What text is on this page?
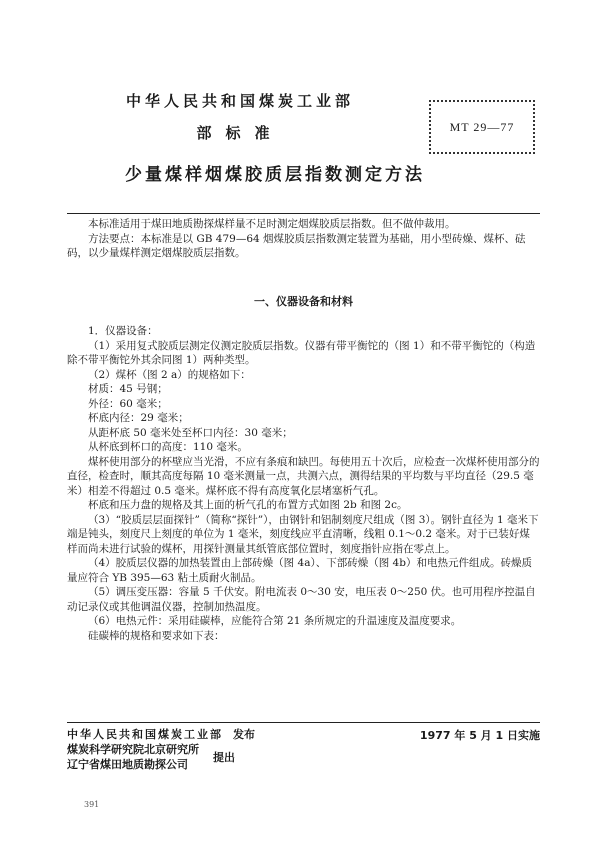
中华人民共和国煤炭工业部
部标准
少量煤样烟煤胶质层指数测定方法
MT 29—77

本标准适用于煤田地质勘探煤样量不足时测定烟煤胶质层指数。但不做仲裁用。

方法要点：本标准是以 GB 479—64 烟煤胶质层指数测定装置为基础，用小型砖燥、煤杯、砝码，以少量煤样测定烟煤胶质层指数。

一、仪器设备和材料

1．仪器设备：

（1）采用复式胶质层测定仪测定胶质层指数。仪器有带平衡铊的（图 1）和不带平衡铊的（构造除不带平衡铊外其余同图 1）两种类型。

（2）煤杯（图 2 a）的规格如下：

材质：45 号钢；

外径：60 毫米；

杯底内径：29 毫米；

从距杯底 50 毫米处至杯口内径：30 毫米；

从杯底到杯口的高度：110 毫米。

煤杯使用部分的杯壁应当光滑，不应有条痕和缺凹。每使用五十次后，应检查一次煤杯使用部分的直径，检查时，顺其高度每隔 10 毫米测量一点，共测六点，测得结果的平均数与平均直径（29.5 毫米）相差不得超过 0.5 毫米。煤杯底不得有高度氧化层堵塞析气孔。

杯底和压力盘的规格及其上面的析气孔的布置方式如图 2b 和图 2c。

（3）“胶质层层面探针”（简称“探针”），由钢针和铝制刻度尺组成（图 3）。钢针直径为 1 毫米下端是钝头，刻度尺上刻度的单位为 1 毫米，刻度线应平直清晰，线粗 0.1～0.2 毫米。对于已装好煤样而尚未进行试验的煤杯，用探针测量其纸管底部位置时，刻度指针应指在零点上。

（4）胶质层仪器的加热装置由上部砖燥（图 4a）、下部砖燥（图 4b）和电热元件组成。砖燥质量应符合 YB 395—63 粘土质耐火制品。

（5）调压变压器：容量 5 千伏安。附电流表 0～30 安，电压表 0～250 伏。也可用程序控温自动记录仪或其他调温仪器，控制加热温度。

（6）电热元件：采用硅碳棒，应能符合第 21 条所规定的升温速度及温度要求。

硅碳棒的规格和要求如下表：

中华人民共和国煤炭工业部 发布
煤炭科学研究院北京研究所
辽宁省煤田地质勘探公司
提出
1977 年 5 月 1 日实施
391
